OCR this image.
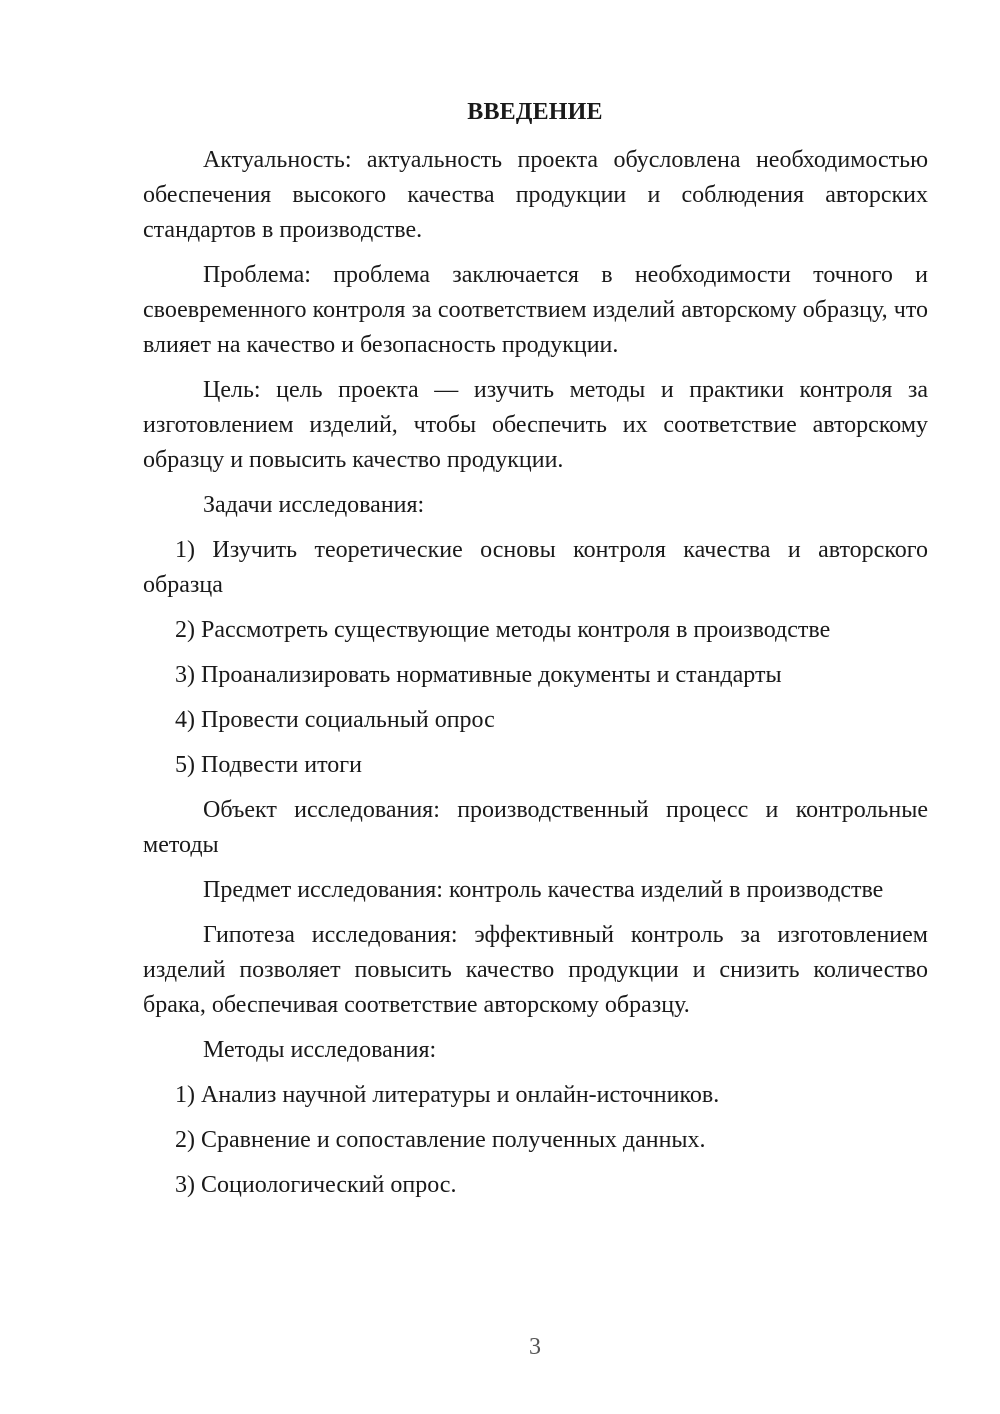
ВВЕДЕНИЕ

Актуальность: актуальность проекта обусловлена необходимостью обеспечения высокого качества продукции и соблюдения авторских стандартов в производстве.

Проблема: проблема заключается в необходимости точного и своевременного контроля за соответствием изделий авторскому образцу, что влияет на качество и безопасность продукции.

Цель: цель проекта — изучить методы и практики контроля за изготовлением изделий, чтобы обеспечить их соответствие авторскому образцу и повысить качество продукции.

Задачи исследования:

1) Изучить теоретические основы контроля качества и авторского образца

2) Рассмотреть существующие методы контроля в производстве

3) Проанализировать нормативные документы и стандарты

4) Провести социальный опрос

5) Подвести итоги

Объект исследования: производственный процесс и контрольные методы

Предмет исследования: контроль качества изделий в производстве

Гипотеза исследования: эффективный контроль за изготовлением изделий позволяет повысить качество продукции и снизить количество брака, обеспечивая соответствие авторскому образцу.

Методы исследования:

1) Анализ научной литературы и онлайн-источников.

2) Сравнение и сопоставление полученных данных.

3) Социологический опрос.

3
